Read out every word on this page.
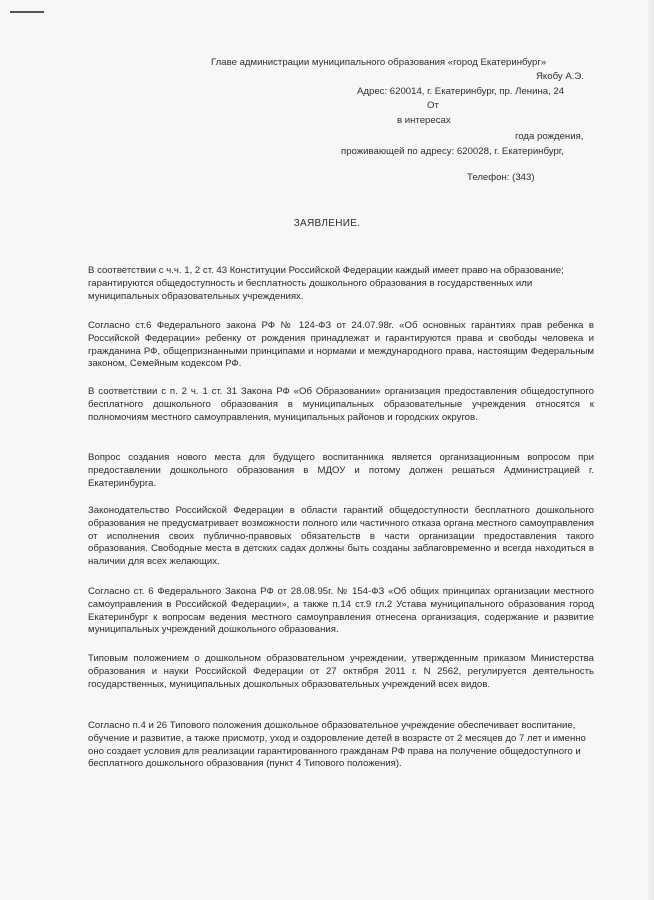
Главе администрации муниципального образования «город Екатеринбург»
Якобу А.Э.
Адрес: 620014, г. Екатеринбург, пр. Ленина, 24
От
в интересах
года рождения,
проживающей по адресу: 620028, г. Екатеринбург,
Телефон: (343)
ЗАЯВЛЕНИЕ.
В соответствии с ч.ч. 1, 2 ст. 43 Конституции Российской Федерации каждый имеет право на образование; гарантируются общедоступность и бесплатность дошкольного образования в государственных или муниципальных образовательных учреждениях.
Согласно ст.6 Федерального закона РФ № 124-ФЗ от 24.07.98г. «Об основных гарантиях прав ребенка в Российской Федерации» ребенку от рождения принадлежат и гарантируются права и свободы человека и гражданина РФ, общепризнанными принципами и нормами и международного права, настоящим Федеральным законом, Семейным кодексом РФ.
В соответствии с п. 2 ч. 1 ст. 31 Закона РФ «Об Образовании» организация предоставления общедоступного бесплатного дошкольного образования в муниципальных образовательные учреждения относятся к полномочиям местного самоуправления, муниципальных районов и городских округов.
Вопрос создания нового места для будущего воспитанника является организационным вопросом при предоставлении дошкольного образования в МДОУ и потому должен решаться Администрацией г. Екатеринбурга.
Законодательство Российской Федерации в области гарантий общедоступности бесплатного дошкольного образования не предусматривает возможности полного или частичного отказа органа местного самоуправления от исполнения своих публично-правовых обязательств в части организации предоставления такого образования. Свободные места в детских садах должны быть созданы заблаговременно и всегда находиться в наличии для всех желающих.
Согласно ст. 6 Федерального Закона РФ от 28.08.95г. № 154-ФЗ «Об общих принципах организации местного самоуправления в Российской Федерации», а также п.14 ст.9 гл.2 Устава муниципального образования город Екатеринбург к вопросам ведения местного самоуправления отнесена организация, содержание и развитие муниципальных учреждений дошкольного образования.
Типовым положением о дошкольном образовательном учреждении, утвержденным приказом Министерства образования и науки Российской Федерации от 27 октября 2011 г. N 2562, регулируется деятельность государственных, муниципальных дошкольных образовательных учреждений всех видов.
Согласно п.4 и 26 Типового положения дошкольное образовательное учреждение обеспечивает воспитание, обучение и развитие, а также присмотр, уход и оздоровление детей в возрасте от 2 месяцев до 7 лет и именно оно создает условия для реализации гарантированного гражданам РФ права на получение общедоступного и бесплатного дошкольного образования (пункт 4 Типового положения).
